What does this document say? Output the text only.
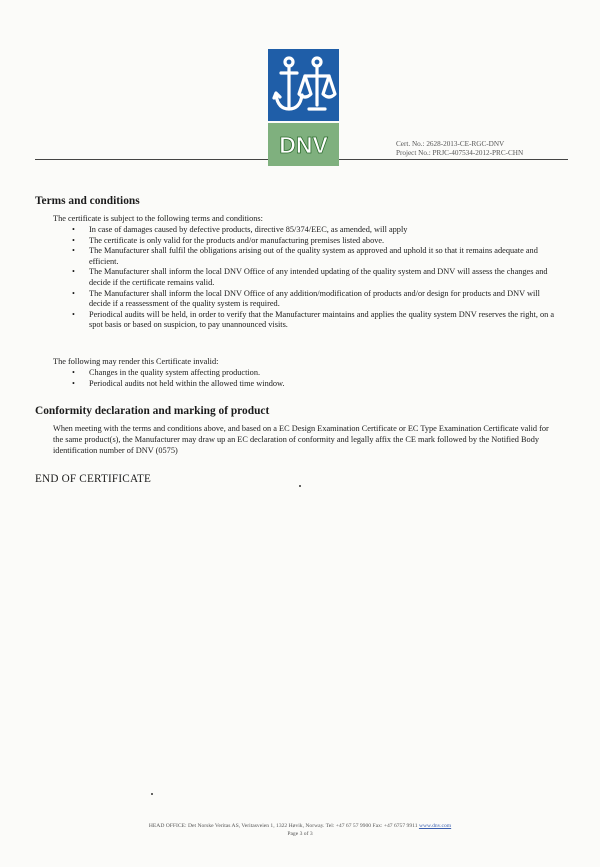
DNV	Cert. No.: 2628-2013-CE-RGC-DNV
Project No.: PRJC-407534-2012-PRC-CHN
Terms and conditions
The certificate is subject to the following terms and conditions:
• In case of damages caused by defective products, directive 85/374/EEC, as amended, will apply
• The certificate is only valid for the products and/or manufacturing premises listed above.
• The Manufacturer shall fulfil the obligations arising out of the quality system as approved and uphold it so that it remains adequate and efficient.
• The Manufacturer shall inform the local DNV Office of any intended updating of the quality system and DNV will assess the changes and decide if the certificate remains valid.
• The Manufacturer shall inform the local DNV Office of any addition/modification of products and/or design for products and DNV will decide if a reassessment of the quality system is required.
• Periodical audits will be held, in order to verify that the Manufacturer maintains and applies the quality system DNV reserves the right, on a spot basis or based on suspicion, to pay unannounced visits.
The following may render this Certificate invalid:
• Changes in the quality system affecting production.
• Periodical audits not held within the allowed time window.
Conformity declaration and marking of product
When meeting with the terms and conditions above, and based on a EC Design Examination Certificate or EC Type Examination Certificate valid for the same product(s), the Manufacturer may draw up an EC declaration of conformity and legally affix the CE mark followed by the Notified Body identification number of DNV (0575)
END OF CERTIFICATE
HEAD OFFICE: Det Norske Veritas AS, Veritasveien 1, 1322 Høvik, Norway. Tel: +47 67 57 9900 Fax: +47 6757 9911 www.dnv.com
Page 3 of 3
